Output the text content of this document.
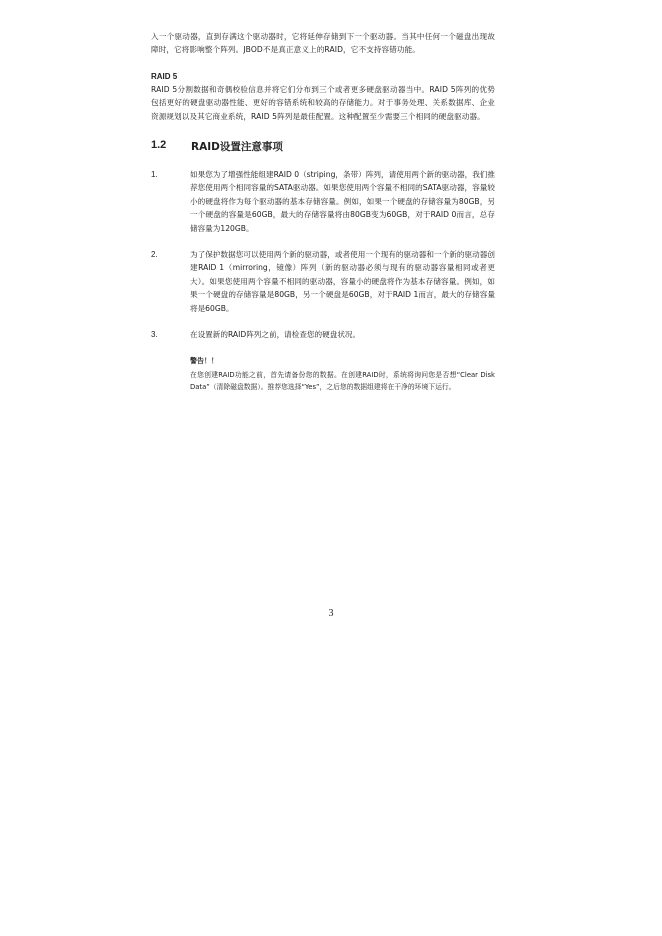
入一个驱动器，直到存满这个驱动器时，它将延伸存储到下一个驱动器。当其中任何一个磁盘出现故障时，它将影响整个阵列。JBOD不是真正意义上的RAID，它不支持容错功能。

RAID 5

RAID 5分割数据和奇偶校验信息并将它们分布到三个或者更多硬盘驱动器当中。RAID 5阵列的优势包括更好的硬盘驱动器性能、更好的容错系统和较高的存储能力。对于事务处理、关系数据库、企业资源规划以及其它商业系统，RAID 5阵列是最佳配置。这种配置至少需要三个相同的硬盘驱动器。

1.2	RAID设置注意事项
1.	如果您为了增强性能组建RAID 0（striping，条带）阵列，请使用两个新的驱动器，我们推荐您使用两个相同容量的SATA驱动器。如果您使用两个容量不相同的SATA驱动器，容量较小的硬盘将作为每个驱动器的基本存储容量。例如，如果一个硬盘的存储容量为80GB，另一个硬盘的容量是60GB，最大的存储容量将由80GB变为60GB，对于RAID 0而言，总存储容量为120GB。
2.	为了保护数据您可以使用两个新的驱动器，或者使用一个现有的驱动器和一个新的驱动器创建RAID 1（mirroring，镜像）阵列（新的驱动器必须与现有的驱动器容量相同或者更大）。如果您使用两个容量不相同的驱动器，容量小的硬盘将作为基本存储容量。例如，如果一个硬盘的存储容量是80GB，另一个硬盘是60GB，对于RAID 1而言，最大的存储容量将是60GB。
3.	在设置新的RAID阵列之前，请检查您的硬盘状况。

警告！！

在您创建RAID功能之前，首先请备份您的数据。在创建RAID时，系统将询问您是否想“Clear Disk Data”（清除磁盘数据）。推荐您选择“Yes”，之后您的数据组建将在干净的环境下运行。

3
